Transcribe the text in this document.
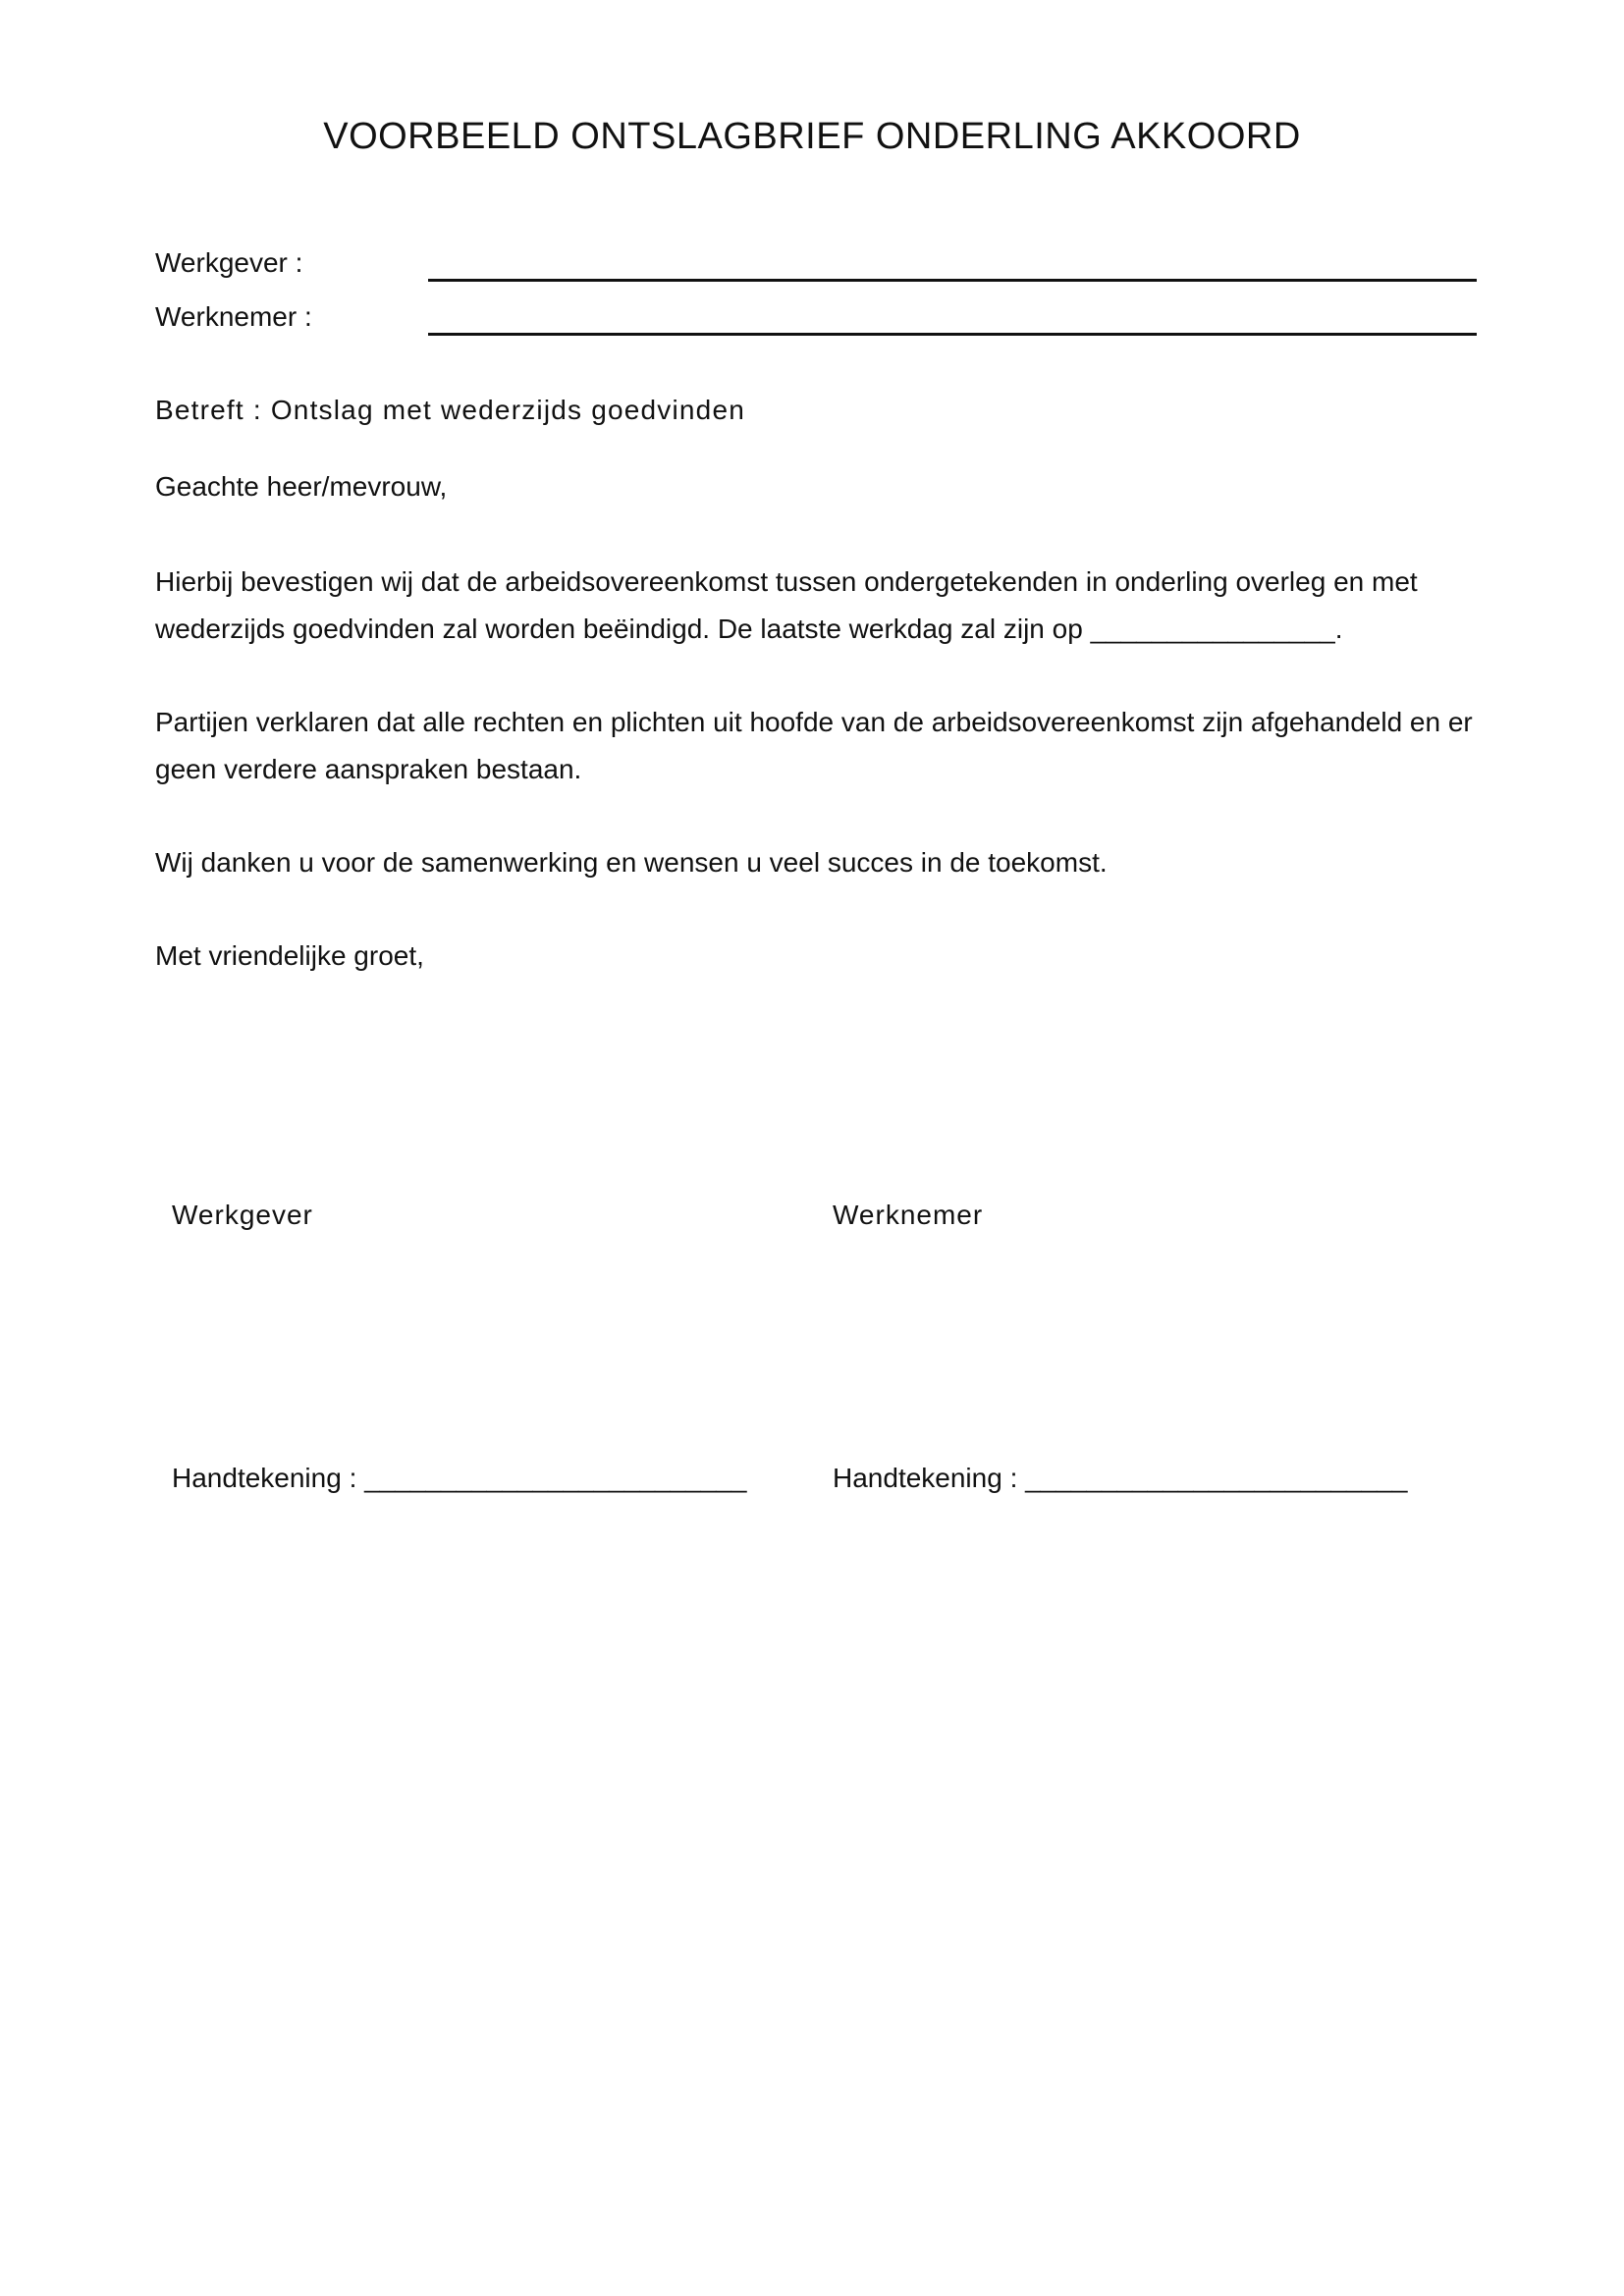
VOORBEELD ONTSLAGBRIEF ONDERLING AKKOORD
Werkgever :
Werknemer :

Betreft : Ontslag met wederzijds goedvinden

Geachte heer/mevrouw,

Hierbij bevestigen wij dat de arbeidsovereenkomst tussen ondergetekenden in onderling overleg en met wederzijds goedvinden zal worden beëindigd. De laatste werkdag zal zijn op ________________.

Partijen verklaren dat alle rechten en plichten uit hoofde van de arbeidsovereenkomst zijn afgehandeld en er geen verdere aanspraken bestaan.

Wij danken u voor de samenwerking en wensen u veel succes in de toekomst.

Met vriendelijke groet,

Werkgever	Werknemer
Handtekening : _________________________	Handtekening : _________________________
